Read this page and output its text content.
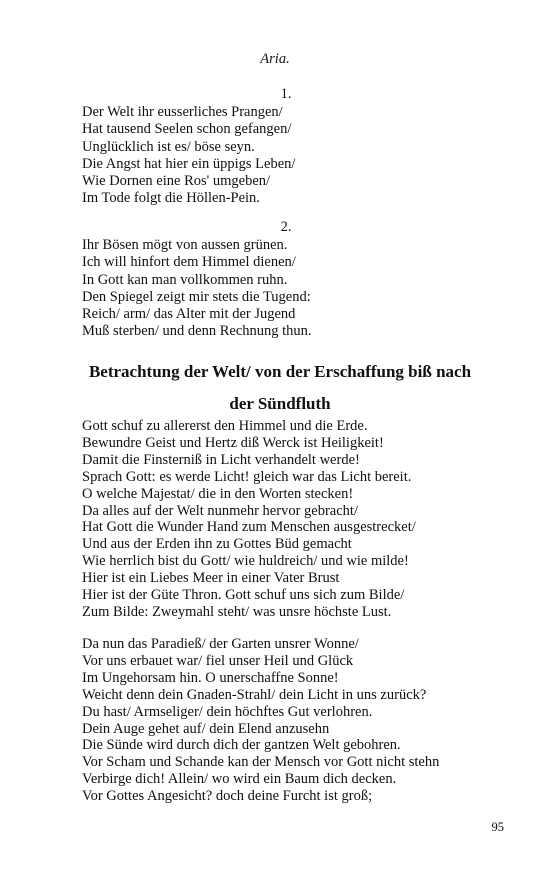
Aria.
1.
Der Welt ihr eusserliches Prangen/
Hat tausend Seelen schon gefangen/
Unglücklich ist es/ böse seyn.
Die Angst hat hier ein üppigs Leben/
Wie Dornen eine Ros' umgeben/
Im Tode folgt die Höllen-Pein.
2.
Ihr Bösen mögt von aussen grünen.
Ich will hinfort dem Himmel dienen/
In Gott kan man vollkommen ruhn.
Den Spiegel zeigt mir stets die Tugend:
Reich/ arm/ das Alter mit der Jugend
Muß sterben/ und denn Rechnung thun.
Betrachtung der Welt/ von der Erschaffung biß nach
der Sündfluth
Gott schuf zu allererst den Himmel und die Erde.
Bewundre Geist und Hertz diß Werck ist Heiligkeit!
Damit die Finsterniß in Licht verhandelt werde!
Sprach Gott: es werde Licht! gleich war das Licht bereit.
O welche Majestat/ die in den Worten stecken!
Da alles auf der Welt nunmehr hervor gebracht/
Hat Gott die Wunder Hand zum Menschen ausgestrecket/
Und aus der Erden ihn zu Gottes Büd gemacht
Wie herrlich bist du Gott/ wie huldreich/ und wie milde!
Hier ist ein Liebes Meer in einer Vater Brust
Hier ist der Güte Thron. Gott schuf uns sich zum Bilde/
Zum Bilde: Zweymahl steht/ was unsre höchste Lust.
Da nun das Paradieß/ der Garten unsrer Wonne/
Vor uns erbauet war/ fiel unser Heil und Glück
Im Ungehorsam hin. O unerschaffne Sonne!
Weicht denn dein Gnaden-Strahl/ dein Licht in uns zurück?
Du hast/ Armseliger/ dein höchftes Gut verlohren.
Dein Auge gehet auf/ dein Elend anzusehn
Die Sünde wird durch dich der gantzen Welt gebohren.
Vor Scham und Schande kan der Mensch vor Gott nicht stehn
Verbirge dich! Allein/ wo wird ein Baum dich decken.
Vor Gottes Angesicht? doch deine Furcht ist groß;
95
